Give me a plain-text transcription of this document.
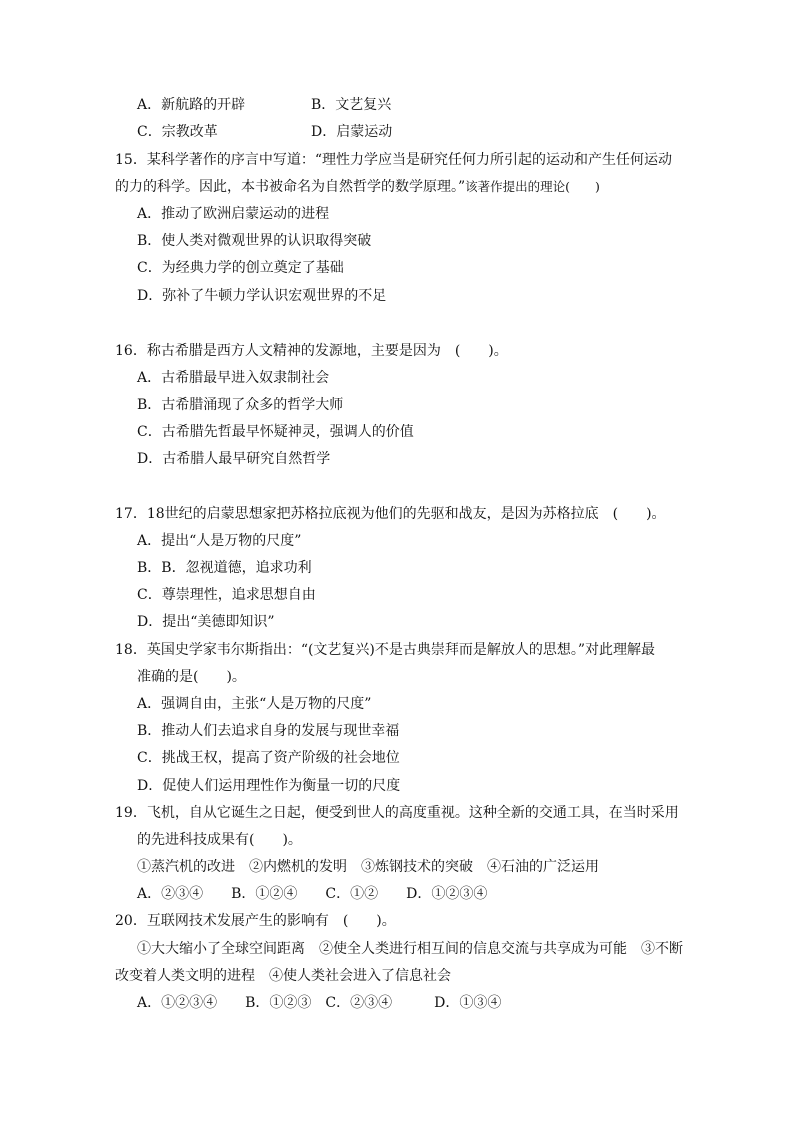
A．新航路的开辟	B．文艺复兴
C．宗教改革	D．启蒙运动
15．某科学著作的序言中写道：“理性力学应当是研究任何力所引起的运动和产生任何运动
的力的科学。因此，本书被命名为自然哲学的数学原理。”该著作提出的理论(　　)
A．推动了欧洲启蒙运动的进程
B．使人类对微观世界的认识取得突破
C．为经典力学的创立奠定了基础
D．弥补了牛顿力学认识宏观世界的不足
16．称古希腊是西方人文精神的发源地，主要是因为　(　　)。
A．古希腊最早进入奴隶制社会
B．古希腊涌现了众多的哲学大师
C．古希腊先哲最早怀疑神灵，强调人的价值
D．古希腊人最早研究自然哲学
17．18世纪的启蒙思想家把苏格拉底视为他们的先驱和战友，是因为苏格拉底　(　　)。
A．提出“人是万物的尺度”
B．B．忽视道德，追求功利
C．尊崇理性，追求思想自由
D．提出“美德即知识”
18．英国史学家韦尔斯指出：“(文艺复兴)不是古典崇拜而是解放人的思想。”对此理解最
准确的是(　　)。
A．强调自由，主张“人是万物的尺度”
B．推动人们去追求自身的发展与现世幸福
C．挑战王权，提高了资产阶级的社会地位
D．促使人们运用理性作为衡量一切的尺度
19．飞机，自从它诞生之日起，便受到世人的高度重视。这种全新的交通工具，在当时采用
的先进科技成果有(　　)。
①蒸汽机的改进　②内燃机的发明　③炼钢技术的突破　④石油的广泛运用
A．②③④　　B．①②④　　C．①②　　D．①②③④
20．互联网技术发展产生的影响有　(　　)。
①大大缩小了全球空间距离　②使全人类进行相互间的信息交流与共享成为可能　③不断
改变着人类文明的进程　④使人类社会进入了信息社会
A．①②③④　　B．①②③　C．②③④　　　D．①③④
